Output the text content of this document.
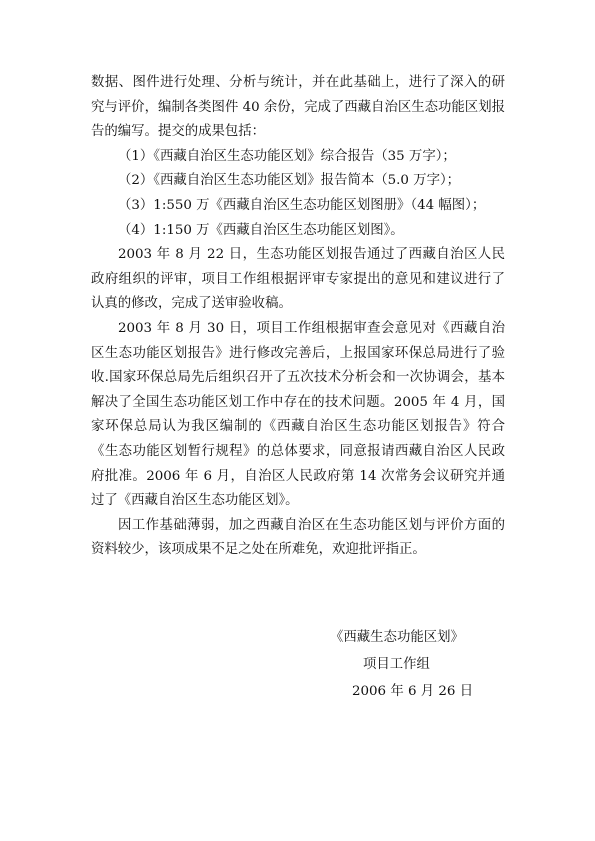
数据、图件进行处理、分析与统计，并在此基础上，进行了深入的研究与评价，编制各类图件 40 余份，完成了西藏自治区生态功能区划报告的编写。提交的成果包括：

（1）《西藏自治区生态功能区划》综合报告（35 万字）；

（2）《西藏自治区生态功能区划》报告简本（5.0 万字）；

（3）1:550 万《西藏自治区生态功能区划图册》（44 幅图）；

（4）1:150 万《西藏自治区生态功能区划图》。

2003 年 8 月 22 日，生态功能区划报告通过了西藏自治区人民政府组织的评审，项目工作组根据评审专家提出的意见和建议进行了认真的修改，完成了送审验收稿。

2003 年 8 月 30 日，项目工作组根据审查会意见对《西藏自治区生态功能区划报告》进行修改完善后，上报国家环保总局进行了验收.国家环保总局先后组织召开了五次技术分析会和一次协调会，基本解决了全国生态功能区划工作中存在的技术问题。2005 年 4 月，国家环保总局认为我区编制的《西藏自治区生态功能区划报告》符合《生态功能区划暂行规程》的总体要求，同意报请西藏自治区人民政府批准。2006 年 6 月，自治区人民政府第 14 次常务会议研究并通过了《西藏自治区生态功能区划》。

因工作基础薄弱，加之西藏自治区在生态功能区划与评价方面的资料较少，该项成果不足之处在所难免，欢迎批评指正。

《西藏生态功能区划》
项目工作组
2006 年 6 月 26 日
